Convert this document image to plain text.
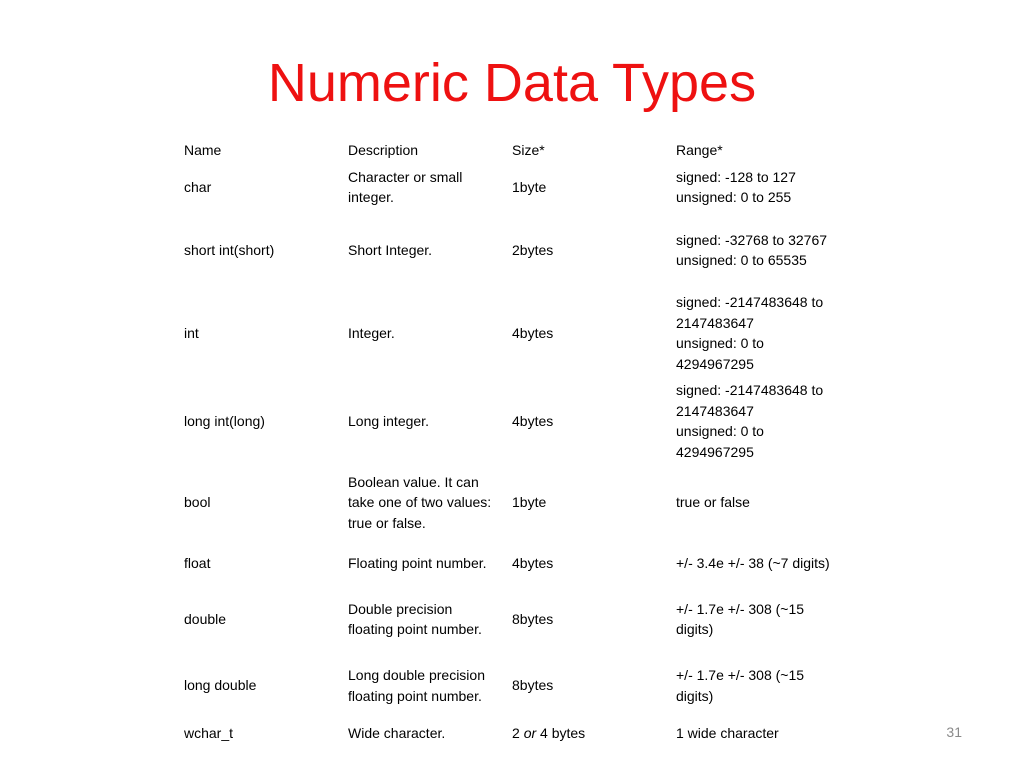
Numeric Data Types
Name	Description	Size*	Range*
char	Character or small integer.	1byte	signed: -128 to 127
unsigned: 0 to 255
short int(short)	Short Integer.	2bytes	signed: -32768 to 32767
unsigned: 0 to 65535
int	Integer.	4bytes	signed: -2147483648 to 2147483647
unsigned: 0 to 4294967295
long int(long)	Long integer.	4bytes	signed: -2147483648 to 2147483647
unsigned: 0 to 4294967295
bool	Boolean value. It can take one of two values: true or false.	1byte	true or false
float	Floating point number.	4bytes	+/- 3.4e +/- 38 (~7 digits)
double	Double precision floating point number.	8bytes	+/- 1.7e +/- 308 (~15 digits)
long double	Long double precision floating point number.	8bytes	+/- 1.7e +/- 308 (~15 digits)
wchar_t	Wide character.	2 or 4 bytes	1 wide character	31
